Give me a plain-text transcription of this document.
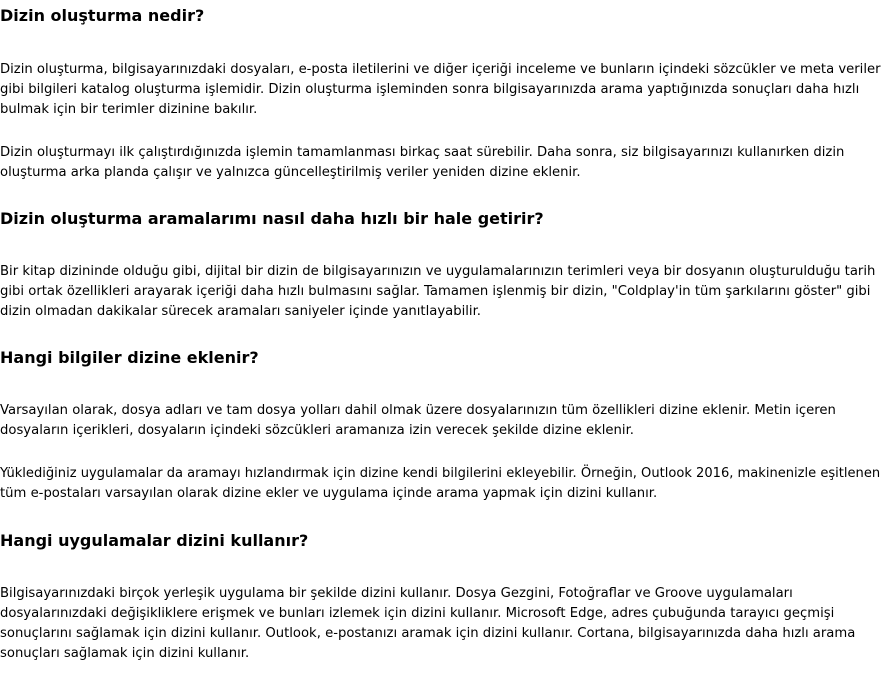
Dizin oluşturma nedir?

Dizin oluşturma, bilgisayarınızdaki dosyaları, e-posta iletilerini ve diğer içeriği inceleme ve bunların içindeki sözcükler ve meta veriler

gibi bilgileri katalog oluşturma işlemidir. Dizin oluşturma işleminden sonra bilgisayarınızda arama yaptığınızda sonuçları daha hızlı

bulmak için bir terimler dizinine bakılır.

Dizin oluşturmayı ilk çalıştırdığınızda işlemin tamamlanması birkaç saat sürebilir. Daha sonra, siz bilgisayarınızı kullanırken dizin

oluşturma arka planda çalışır ve yalnızca güncelleştirilmiş veriler yeniden dizine eklenir.

Dizin oluşturma aramalarımı nasıl daha hızlı bir hale getirir?

Bir kitap dizininde olduğu gibi, dijital bir dizin de bilgisayarınızın ve uygulamalarınızın terimleri veya bir dosyanın oluşturulduğu tarih

gibi ortak özellikleri arayarak içeriği daha hızlı bulmasını sağlar. Tamamen işlenmiş bir dizin, "Coldplay'in tüm şarkılarını göster" gibi

dizin olmadan dakikalar sürecek aramaları saniyeler içinde yanıtlayabilir.

Hangi bilgiler dizine eklenir?

Varsayılan olarak, dosya adları ve tam dosya yolları dahil olmak üzere dosyalarınızın tüm özellikleri dizine eklenir. Metin içeren

dosyaların içerikleri, dosyaların içindeki sözcükleri aramanıza izin verecek şekilde dizine eklenir.

Yüklediğiniz uygulamalar da aramayı hızlandırmak için dizine kendi bilgilerini ekleyebilir. Örneğin, Outlook 2016, makinenizle eşitlenen

tüm e-postaları varsayılan olarak dizine ekler ve uygulama içinde arama yapmak için dizini kullanır.

Hangi uygulamalar dizini kullanır?

Bilgisayarınızdaki birçok yerleşik uygulama bir şekilde dizini kullanır. Dosya Gezgini, Fotoğraflar ve Groove uygulamaları

dosyalarınızdaki değişikliklere erişmek ve bunları izlemek için dizini kullanır. Microsoft Edge, adres çubuğunda tarayıcı geçmişi

sonuçlarını sağlamak için dizini kullanır. Outlook, e-postanızı aramak için dizini kullanır. Cortana, bilgisayarınızda daha hızlı arama

sonuçları sağlamak için dizini kullanır.
